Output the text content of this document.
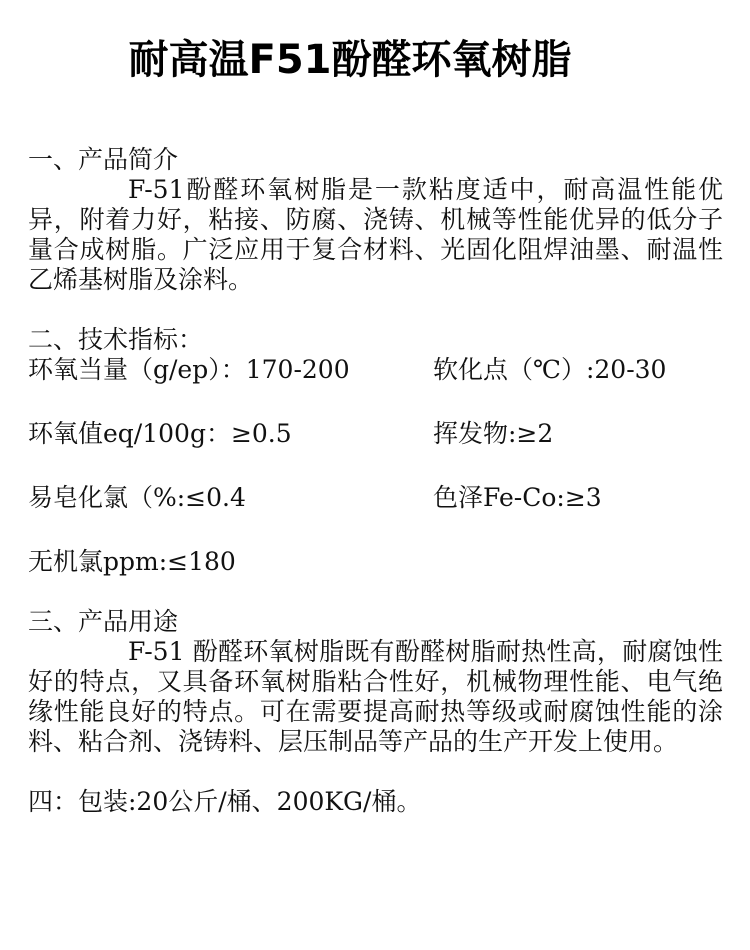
耐高温F51酚醛环氧树脂
一、产品简介

F-51酚醛环氧树脂是一款粘度适中，耐高温性能优异，附着力好，粘接、防腐、浇铸、机械等性能优异的低分子量合成树脂。广泛应用于复合材料、光固化阻焊油墨、耐温性乙烯基树脂及涂料。

二、技术指标：
环氧当量（g/ep）：170-200	软化点（℃）:20-30
环氧值eq/100g：≥0.5	挥发物:≥2
易皂化氯（%:≤0.4	色泽Fe-Co:≥3
无机氯ppm:≤180
三、产品用途

F-51 酚醛环氧树脂既有酚醛树脂耐热性高，耐腐蚀性好的特点，又具备环氧树脂粘合性好，机械物理性能、电气绝缘性能良好的特点。可在需要提高耐热等级或耐腐蚀性能的涂料、粘合剂、浇铸料、层压制品等产品的生产开发上使用。

四：包装:20公斤/桶、200KG/桶。
